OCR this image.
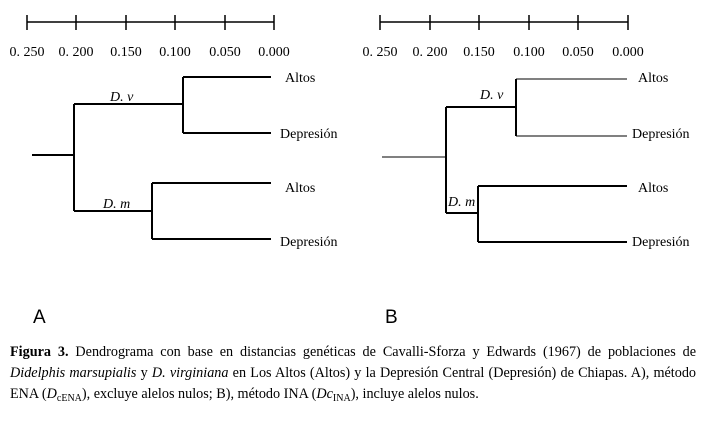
0. 250 0. 200 0.150 0.100 0.050 0.000
D. v
D. m
Altos
Depresión
Altos
Depresión
A
0. 250 0. 200 0.150 0.100 0.050 0.000
D. v
D. m
Altos
Depresión
Altos
Depresión
B
Figura 3. Dendrograma con base en distancias genéticas de Cavalli-Sforza y Edwards (1967) de poblaciones de Didelphis marsupialis y D. virginiana en Los Altos (Altos) y la Depresión Central (Depresión) de Chiapas. A), método ENA $(D_{cENA})$, excluye alelos nulos; B), método INA $(Dc_{INA})$, incluye alelos nulos.
